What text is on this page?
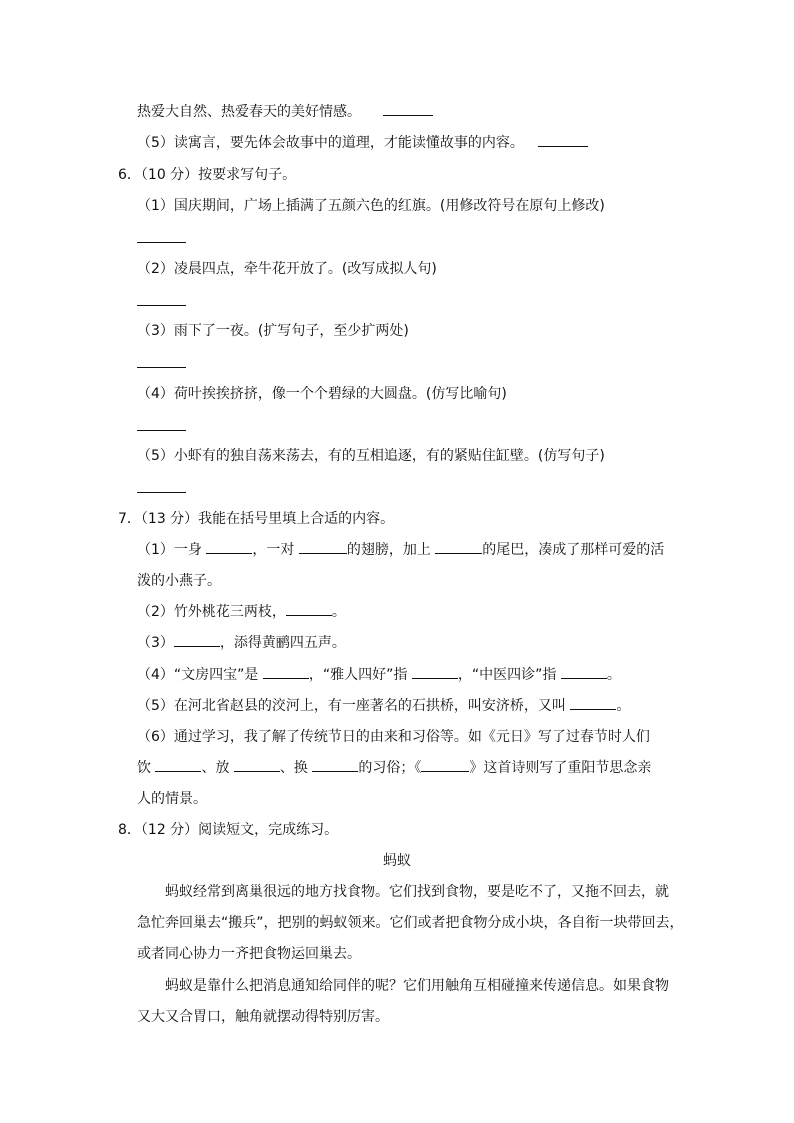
热爱大自然、热爱春天的美好情感。
（5）读寓言，要先体会故事中的道理，才能读懂故事的内容。
6．（10 分）按要求写句子。
（1）国庆期间，广场上插满了五颜六色的红旗。(用修改符号在原句上修改)
（2）凌晨四点，牵牛花开放了。(改写成拟人句)
（3）雨下了一夜。(扩写句子，至少扩两处)
（4）荷叶挨挨挤挤，像一个个碧绿的大圆盘。(仿写比喻句)
（5）小虾有的独自荡来荡去，有的互相追逐，有的紧贴住缸壁。(仿写句子)
7．（13 分）我能在括号里填上合适的内容。
（1）一身	，一对	的翅膀，加上	的尾巴，凑成了那样可爱的活
泼的小燕子。
（2）竹外桃花三两枝，	。
（3）	，添得黄鹂四五声。
（4）“文房四宝”是	，“雅人四好”指	，“中医四诊”指	。
（5）在河北省赵县的洨河上，有一座著名的石拱桥，叫安济桥，又叫	。
（6）通过学习，我了解了传统节日的由来和习俗等。如《元日》写了过春节时人们
饮	、放	、换	的习俗；《	》这首诗则写了重阳节思念亲
人的情景。
8．（12 分）阅读短文，完成练习。
蚂蚁
蚂蚁经常到离巢很远的地方找食物。它们找到食物，要是吃不了，又拖不回去，就
急忙奔回巢去“搬兵”，把别的蚂蚁领来。它们或者把食物分成小块，各自衔一块带回去，
或者同心协力一齐把食物运回巢去。
蚂蚁是靠什么把消息通知给同伴的呢？它们用触角互相碰撞来传递信息。如果食物
又大又合胃口，触角就摆动得特别厉害。
